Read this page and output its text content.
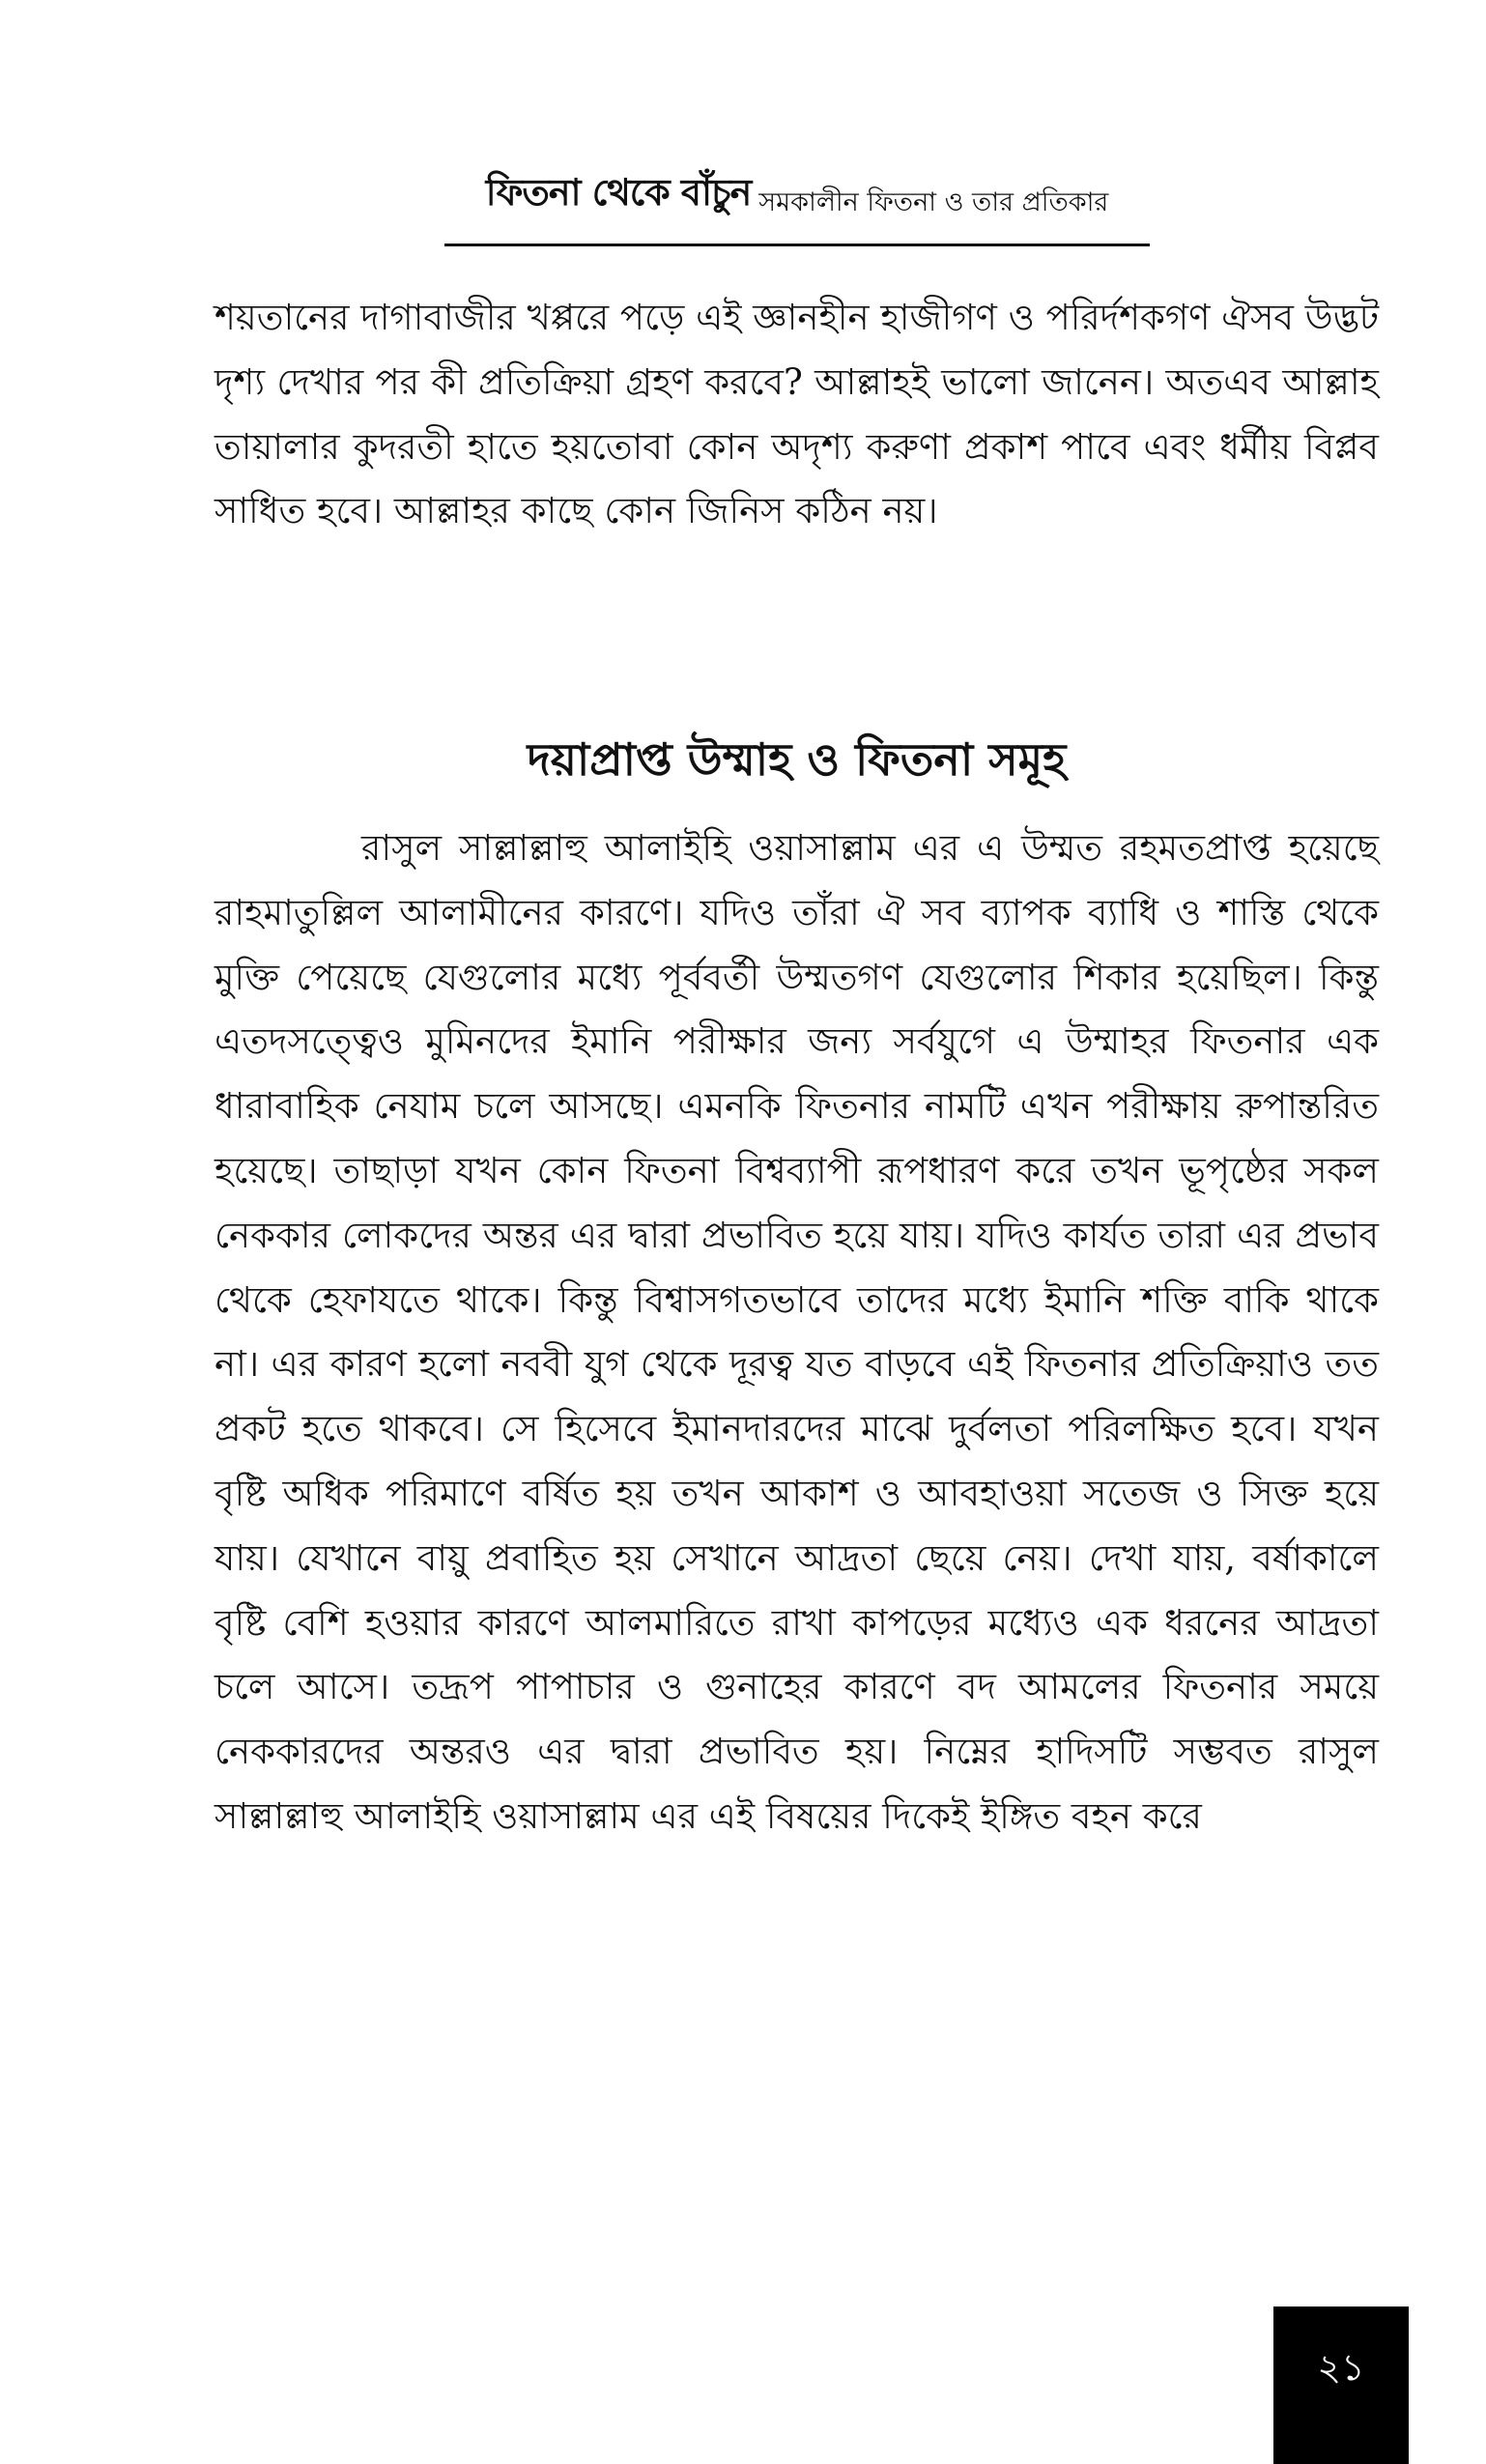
ফিতনা থেকে বাঁচুন সমকালীন ফিতনা ও তার প্রতিকার

শয়তানের দাগাবাজীর খপ্পরে পড়ে এই জ্ঞানহীন হাজীগণ ও পরির্দশকগণ ঐসব উদ্ভট দৃশ্য দেখার পর কী প্রতিক্রিয়া গ্রহণ করবে? আল্লাহই ভালো জানেন। অতএব আল্লাহ তায়ালার কুদরতী হাতে হয়তোবা কোন অদৃশ্য করুণা প্রকাশ পাবে এবং ধর্মীয় বিপ্লব সাধিত হবে। আল্লাহর কাছে কোন জিনিস কঠিন নয়।

দয়াপ্রাপ্ত উম্মাহ ও ফিতনা সমূহ

রাসুল সাল্লাল্লাহু আলাইহি ওয়াসাল্লাম এর এ উম্মত রহমতপ্রাপ্ত হয়েছে রাহমাতুল্লিল আলামীনের কারণে। যদিও তাঁরা ঐ সব ব্যাপক ব্যাধি ও শাস্তি থেকে মুক্তি পেয়েছে যেগুলোর মধ্যে পূর্ববর্তী উম্মতগণ যেগুলোর শিকার হয়েছিল। কিন্তু এতদসত্ত্বেও মুমিনদের ইমানি পরীক্ষার জন্য সর্বযুগে এ উম্মাহর ফিতনার এক ধারাবাহিক নেযাম চলে আসছে। এমনকি ফিতনার নামটি এখন পরীক্ষায় রুপান্তরিত হয়েছে। তাছাড়া যখন কোন ফিতনা বিশ্বব্যাপী রূপধারণ করে তখন ভূপৃষ্ঠের সকল নেককার লোকদের অন্তর এর দ্বারা প্রভাবিত হয়ে যায়। যদিও কার্যত তারা এর প্রভাব থেকে হেফাযতে থাকে। কিন্তু বিশ্বাসগতভাবে তাদের মধ্যে ইমানি শক্তি বাকি থাকে না। এর কারণ হলো নববী যুগ থেকে দূরত্ব যত বাড়বে এই ফিতনার প্রতিক্রিয়াও তত প্রকট হতে থাকবে। সে হিসেবে ইমানদারদের মাঝে দুর্বলতা পরিলক্ষিত হবে। যখন বৃষ্টি অধিক পরিমাণে বর্ষিত হয় তখন আকাশ ও আবহাওয়া সতেজ ও সিক্ত হয়ে যায়। যেখানে বায়ু প্রবাহিত হয় সেখানে আদ্রতা ছেয়ে নেয়। দেখা যায়, বর্ষাকালে বৃষ্টি বেশি হওয়ার কারণে আলমারিতে রাখা কাপড়ের মধ্যেও এক ধরনের আদ্রতা চলে আসে। তদ্রূপ পাপাচার ও গুনাহের কারণে বদ আমলের ফিতনার সময়ে নেককারদের অন্তরও এর দ্বারা প্রভাবিত হয়। নিম্নের হাদিসটি সম্ভবত রাসুল সাল্লাল্লাহু আলাইহি ওয়াসাল্লাম এর এই বিষয়ের দিকেই ইঙ্গিত বহন করে

২১
